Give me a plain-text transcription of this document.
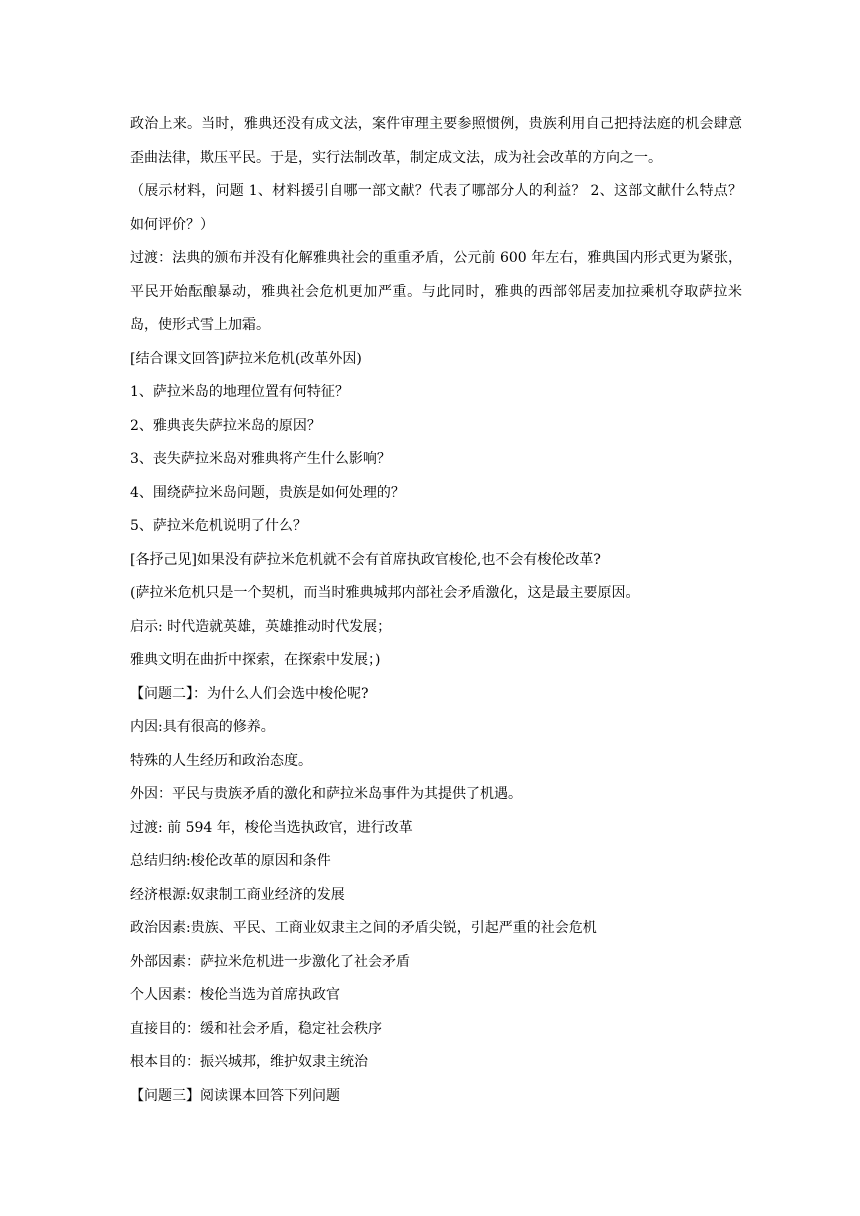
政治上来。当时，雅典还没有成文法，案件审理主要参照惯例，贵族利用自己把持法庭的机会肆意歪曲法律，欺压平民。于是，实行法制改革，制定成文法，成为社会改革的方向之一。

（展示材料，问题 1、材料援引自哪一部文献？代表了哪部分人的利益？ 2、这部文献什么特点？如何评价？）

过渡：法典的颁布并没有化解雅典社会的重重矛盾，公元前 600 年左右，雅典国内形式更为紧张，平民开始酝酿暴动，雅典社会危机更加严重。与此同时，雅典的西部邻居麦加拉乘机夺取萨拉米岛，使形式雪上加霜。

[结合课文回答]萨拉米危机(改革外因)

1、萨拉米岛的地理位置有何特征？

2、雅典丧失萨拉米岛的原因？

3、丧失萨拉米岛对雅典将产生什么影响？

4、围绕萨拉米岛问题，贵族是如何处理的？

5、萨拉米危机说明了什么？

[各抒己见]如果没有萨拉米危机就不会有首席执政官梭伦,也不会有梭伦改革?

(萨拉米危机只是一个契机，而当时雅典城邦内部社会矛盾激化，这是最主要原因。

启示: 时代造就英雄，英雄推动时代发展；

雅典文明在曲折中探索，在探索中发展；)

【问题二】：为什么人们会选中梭伦呢?

内因:具有很高的修养。

特殊的人生经历和政治态度。

外因：平民与贵族矛盾的激化和萨拉米岛事件为其提供了机遇。

过渡: 前 594 年，梭伦当选执政官，进行改革

总结归纳:梭伦改革的原因和条件

经济根源:奴隶制工商业经济的发展

政治因素:贵族、平民、工商业奴隶主之间的矛盾尖锐，引起严重的社会危机

外部因素：萨拉米危机进一步激化了社会矛盾

个人因素：梭伦当选为首席执政官

直接目的：缓和社会矛盾，稳定社会秩序

根本目的：振兴城邦，维护奴隶主统治

【问题三】阅读课本回答下列问题
